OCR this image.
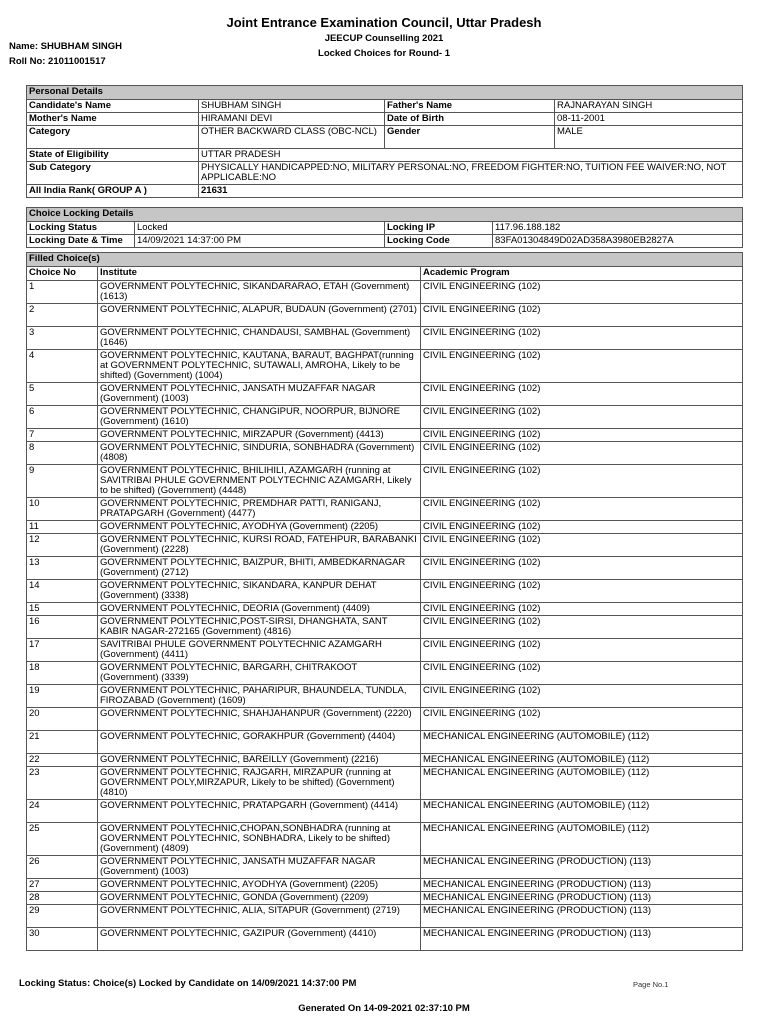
Joint Entrance Examination Council, Uttar Pradesh
JEECUP Counselling 2021
Locked Choices for Round- 1
Name: SHUBHAM SINGH
Roll No: 21011001517
Personal Details			
Candidate's Name	SHUBHAM SINGH	Father's Name	RAJNARAYAN SINGH
Mother's Name	HIRAMANI DEVI	Date of Birth	08-11-2001
Category	OTHER BACKWARD CLASS (OBC-NCL)	Gender	MALE
State of Eligibility	UTTAR PRADESH		
Sub Category	PHYSICALLY HANDICAPPED:NO, MILITARY PERSONAL:NO, FREEDOM FIGHTER:NO, TUITION FEE WAIVER:NO, NOT APPLICABLE:NO		
All India Rank( GROUP A )	21631		
Choice Locking Details			
Locking Status	Locked	Locking IP	117.96.188.182
Locking Date & Time	14/09/2021 14:37:00 PM	Locking Code	83FA01304849D02AD358A3980EB2827A
Filled Choice(s)		
Choice No	Institute	Academic Program
1	GOVERNMENT POLYTECHNIC, SIKANDARARAO, ETAH (Government) (1613)	CIVIL ENGINEERING (102)
2	GOVERNMENT POLYTECHNIC, ALAPUR, BUDAUN (Government) (2701)	CIVIL ENGINEERING (102)
3	GOVERNMENT POLYTECHNIC, CHANDAUSI, SAMBHAL (Government) (1646)	CIVIL ENGINEERING (102)
4	GOVERNMENT POLYTECHNIC, KAUTANA, BARAUT, BAGHPAT(running at GOVERNMENT POLYTECHNIC, SUTAWALI, AMROHA, Likely to be shifted) (Government) (1004)	CIVIL ENGINEERING (102)
5	GOVERNMENT POLYTECHNIC, JANSATH MUZAFFAR NAGAR (Government) (1003)	CIVIL ENGINEERING (102)
6	GOVERNMENT POLYTECHNIC, CHANGIPUR, NOORPUR, BIJNORE (Government) (1610)	CIVIL ENGINEERING (102)
7	GOVERNMENT POLYTECHNIC, MIRZAPUR (Government) (4413)	CIVIL ENGINEERING (102)
8	GOVERNMENT POLYTECHNIC, SINDURIA, SONBHADRA (Government) (4808)	CIVIL ENGINEERING (102)
9	GOVERNMENT POLYTECHNIC, BHILIHILI, AZAMGARH (running at SAVITRIBAI PHULE GOVERNMENT POLYTECHNIC AZAMGARH, Likely to be shifted) (Government) (4448)	CIVIL ENGINEERING (102)
10	GOVERNMENT POLYTECHNIC, PREMDHAR PATTI, RANIGANJ, PRATAPGARH (Government) (4477)	CIVIL ENGINEERING (102)
11	GOVERNMENT POLYTECHNIC, AYODHYA (Government) (2205)	CIVIL ENGINEERING (102)
12	GOVERNMENT POLYTECHNIC, KURSI ROAD, FATEHPUR, BARABANKI (Government) (2228)	CIVIL ENGINEERING (102)
13	GOVERNMENT POLYTECHNIC, BAIZPUR, BHITI, AMBEDKARNAGAR (Government) (2712)	CIVIL ENGINEERING (102)
14	GOVERNMENT POLYTECHNIC, SIKANDARA, KANPUR DEHAT (Government) (3338)	CIVIL ENGINEERING (102)
15	GOVERNMENT POLYTECHNIC, DEORIA (Government) (4409)	CIVIL ENGINEERING (102)
16	GOVERNMENT POLYTECHNIC,POST-SIRSI, DHANGHATA, SANT KABIR NAGAR-272165 (Government) (4816)	CIVIL ENGINEERING (102)
17	SAVITRIBAI PHULE GOVERNMENT POLYTECHNIC AZAMGARH (Government) (4411)	CIVIL ENGINEERING (102)
18	GOVERNMENT POLYTECHNIC, BARGARH, CHITRAKOOT (Government) (3339)	CIVIL ENGINEERING (102)
19	GOVERNMENT POLYTECHNIC, PAHARIPUR, BHAUNDELA, TUNDLA, FIROZABAD (Government) (1609)	CIVIL ENGINEERING (102)
20	GOVERNMENT POLYTECHNIC, SHAHJAHANPUR (Government) (2220)	CIVIL ENGINEERING (102)
21	GOVERNMENT POLYTECHNIC, GORAKHPUR (Government) (4404)	MECHANICAL ENGINEERING (AUTOMOBILE) (112)
22	GOVERNMENT POLYTECHNIC, BAREILLY (Government) (2216)	MECHANICAL ENGINEERING (AUTOMOBILE) (112)
23	GOVERNMENT POLYTECHNIC, RAJGARH, MIRZAPUR (running at GOVERNMENT POLY,MIRZAPUR, Likely to be shifted) (Government) (4810)	MECHANICAL ENGINEERING (AUTOMOBILE) (112)
24	GOVERNMENT POLYTECHNIC, PRATAPGARH (Government) (4414)	MECHANICAL ENGINEERING (AUTOMOBILE) (112)
25	GOVERNMENT POLYTECHNIC,CHOPAN,SONBHADRA (running at GOVERNMENT POLYTECHNIC, SONBHADRA, Likely to be shifted) (Government) (4809)	MECHANICAL ENGINEERING (AUTOMOBILE) (112)
26	GOVERNMENT POLYTECHNIC, JANSATH MUZAFFAR NAGAR (Government) (1003)	MECHANICAL ENGINEERING (PRODUCTION) (113)
27	GOVERNMENT POLYTECHNIC, AYODHYA (Government) (2205)	MECHANICAL ENGINEERING (PRODUCTION) (113)
28	GOVERNMENT POLYTECHNIC, GONDA (Government) (2209)	MECHANICAL ENGINEERING (PRODUCTION) (113)
29	GOVERNMENT POLYTECHNIC, ALIA, SITAPUR (Government) (2719)	MECHANICAL ENGINEERING (PRODUCTION) (113)
30	GOVERNMENT POLYTECHNIC, GAZIPUR (Government) (4410)	MECHANICAL ENGINEERING (PRODUCTION) (113)
Locking Status: Choice(s) Locked by Candidate on 14/09/2021 14:37:00 PM	Page No.1
Generated On 14-09-2021 02:37:10 PM
